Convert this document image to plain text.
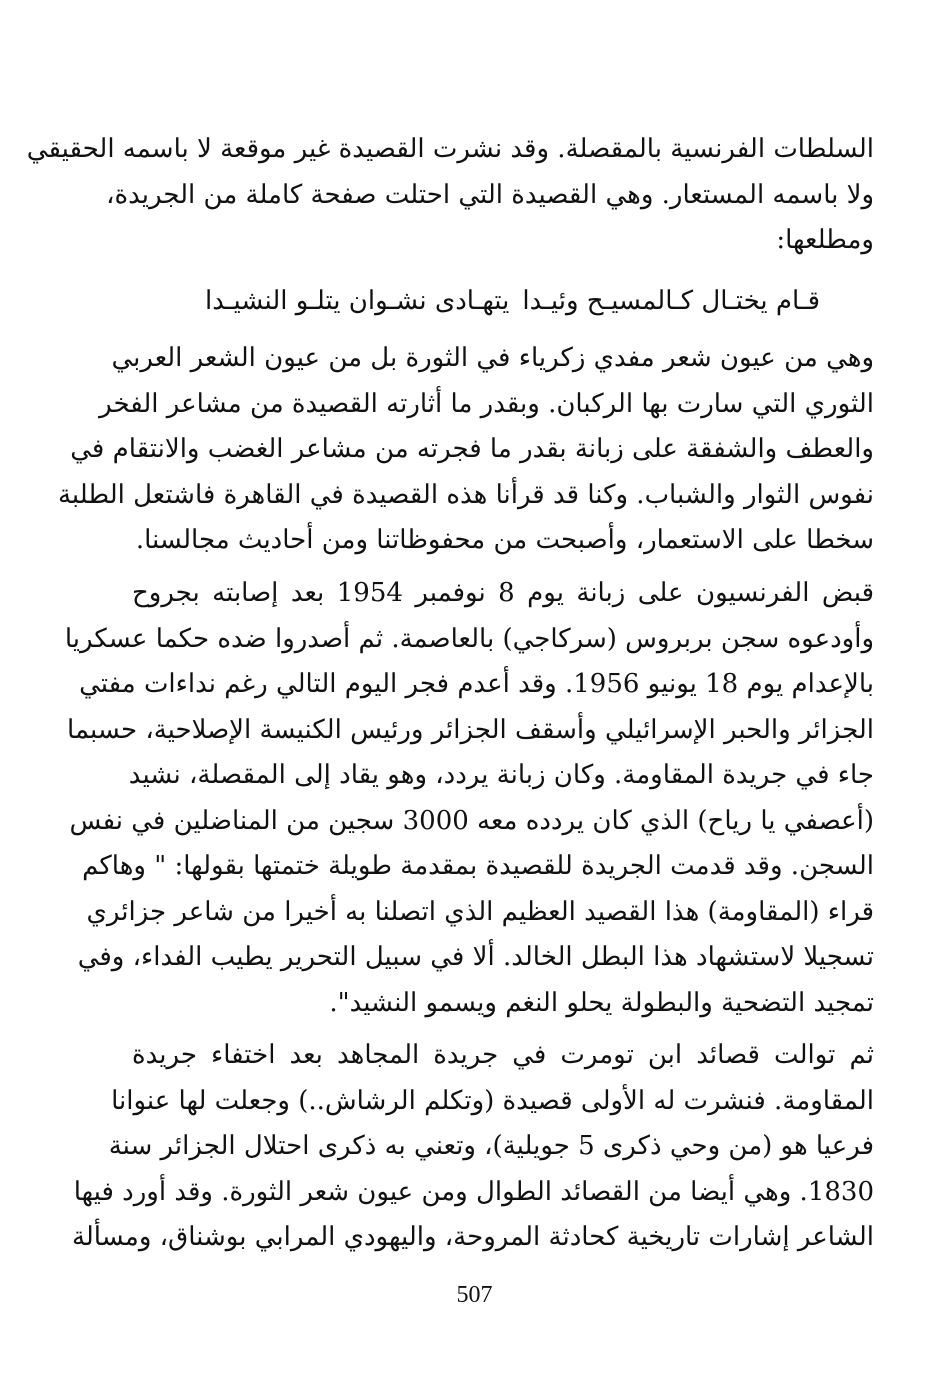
السلطات الفرنسية بالمقصلة. وقد نشرت القصيدة غير موقعة لا باسمه الحقيقي
ولا باسمه المستعار. وهي القصيدة التي احتلت صفحة كاملة من الجريدة،
ومطلعها:
قـام يختـال كـالمسيـح وئيـدا
يتهـادى نشـوان يتلـو النشيـدا
وهي من عيون شعر مفدي زكرياء في الثورة بل من عيون الشعر العربي
الثوري التي سارت بها الركبان. وبقدر ما أثارته القصيدة من مشاعر الفخر
والعطف والشفقة على زبانة بقدر ما فجرته من مشاعر الغضب والانتقام في
نفوس الثوار والشباب. وكنا قد قرأنا هذه القصيدة في القاهرة فاشتعل الطلبة
سخطا على الاستعمار، وأصبحت من محفوظاتنا ومن أحاديث مجالسنا.
قبض الفرنسيون على زبانة يوم 8 نوفمبر 1954 بعد إصابته بجروح
وأودعوه سجن بربروس (سركاجي) بالعاصمة. ثم أصدروا ضده حكما عسكريا
بالإعدام يوم 18 يونيو 1956. وقد أعدم فجر اليوم التالي رغم نداءات مفتي
الجزائر والحبر الإسرائيلي وأسقف الجزائر ورئيس الكنيسة الإصلاحية، حسبما
جاء في جريدة المقاومة. وكان زبانة يردد، وهو يقاد إلى المقصلة، نشيد
(أعصفي يا رياح) الذي كان يردده معه 3000 سجين من المناضلين في نفس
السجن. وقد قدمت الجريدة للقصيدة بمقدمة طويلة ختمتها بقولها: " وهاكم
قراء (المقاومة) هذا القصيد العظيم الذي اتصلنا به أخيرا من شاعر جزائري
تسجيلا لاستشهاد هذا البطل الخالد. ألا في سبيل التحرير يطيب الفداء، وفي
تمجيد التضحية والبطولة يحلو النغم ويسمو النشيد".
ثم توالت قصائد ابن تومرت في جريدة المجاهد بعد اختفاء جريدة
المقاومة. فنشرت له الأولى قصيدة (وتكلم الرشاش..) وجعلت لها عنوانا
فرعيا هو (من وحي ذكرى 5 جويلية)، وتعني به ذكرى احتلال الجزائر سنة
1830. وهي أيضا من القصائد الطوال ومن عيون شعر الثورة. وقد أورد فيها
الشاعر إشارات تاريخية كحادثة المروحة، واليهودي المرابي بوشناق، ومسألة
507
